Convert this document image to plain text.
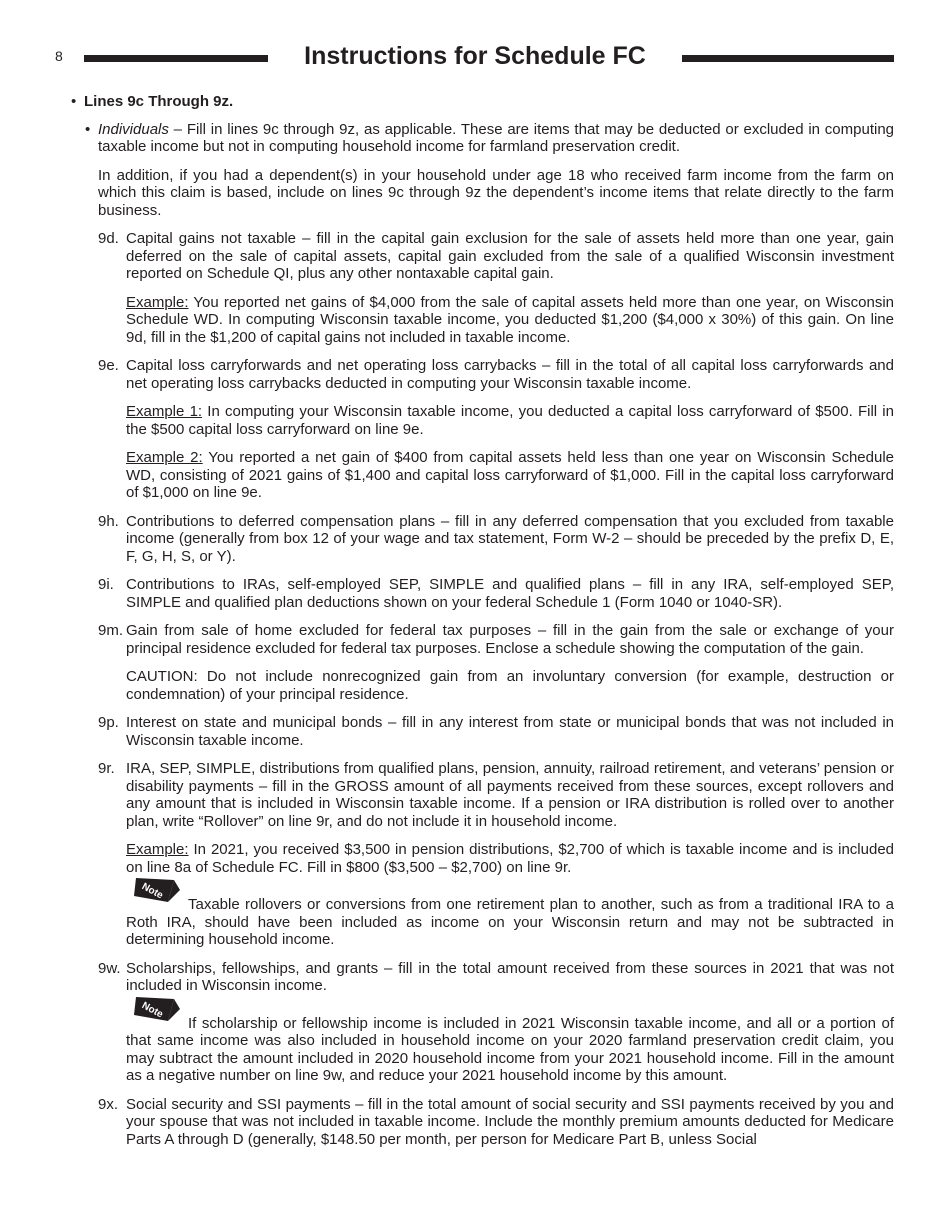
8	Instructions for Schedule FC
• Lines 9c Through 9z.

• Individuals – Fill in lines 9c through 9z, as applicable. These are items that may be deducted or excluded in computing taxable income but not in computing household income for farmland preservation credit.

In addition, if you had a dependent(s) in your household under age 18 who received farm income from the farm on which this claim is based, include on lines 9c through 9z the dependent’s income items that relate directly to the farm business.

9d. Capital gains not taxable – fill in the capital gain exclusion for the sale of assets held more than one year, gain deferred on the sale of capital assets, capital gain excluded from the sale of a qualified Wisconsin investment reported on Schedule QI, plus any other nontaxable capital gain.

Example: You reported net gains of $4,000 from the sale of capital assets held more than one year, on Wisconsin Schedule WD. In computing Wisconsin taxable income, you deducted $1,200 ($4,000 x 30%) of this gain. On line 9d, fill in the $1,200 of capital gains not included in taxable income.

9e. Capital loss carryforwards and net operating loss carrybacks – fill in the total of all capital loss carryforwards and net operating loss carrybacks deducted in computing your Wisconsin taxable income.

Example 1: In computing your Wisconsin taxable income, you deducted a capital loss carryforward of $500. Fill in the $500 capital loss carryforward on line 9e.

Example 2: You reported a net gain of $400 from capital assets held less than one year on Wisconsin Schedule WD, consisting of 2021 gains of $1,400 and capital loss carryforward of $1,000. Fill in the capital loss carryforward of $1,000 on line 9e.

9h. Contributions to deferred compensation plans – fill in any deferred compensation that you excluded from taxable income (generally from box 12 of your wage and tax statement, Form W-2 – should be preceded by the prefix D, E, F, G, H, S, or Y).

9i. Contributions to IRAs, self-employed SEP, SIMPLE and qualified plans – fill in any IRA, self-employed SEP, SIMPLE and qualified plan deductions shown on your federal Schedule 1 (Form 1040 or 1040-SR).

9m. Gain from sale of home excluded for federal tax purposes – fill in the gain from the sale or exchange of your principal residence excluded for federal tax purposes. Enclose a schedule showing the computation of the gain.

CAUTION: Do not include nonrecognized gain from an involuntary conversion (for example, destruction or condemnation) of your principal residence.

9p. Interest on state and municipal bonds – fill in any interest from state or municipal bonds that was not included in Wisconsin taxable income.

9r. IRA, SEP, SIMPLE, distributions from qualified plans, pension, annuity, railroad retirement, and veterans’ pension or disability payments – fill in the GROSS amount of all payments received from these sources, except rollovers and any amount that is included in Wisconsin taxable income. If a pension or IRA distribution is rolled over to another plan, write “Rollover” on line 9r, and do not include it in household income.

Example: In 2021, you received $3,500 in pension distributions, $2,700 of which is taxable income and is included on line 8a of Schedule FC. Fill in $800 ($3,500 – $2,700) on line 9r.

Note
Taxable rollovers or conversions from one retirement plan to another, such as from a traditional IRA to a Roth IRA, should have been included as income on your Wisconsin return and may not be subtracted in determining household income.

9w. Scholarships, fellowships, and grants – fill in the total amount received from these sources in 2021 that was not included in Wisconsin income.

Note
If scholarship or fellowship income is included in 2021 Wisconsin taxable income, and all or a portion of that same income was also included in household income on your 2020 farmland preservation credit claim, you may subtract the amount included in 2020 household income from your 2021 household income. Fill in the amount as a negative number on line 9w, and reduce your 2021 household income by this amount.

9x. Social security and SSI payments – fill in the total amount of social security and SSI payments received by you and your spouse that was not included in taxable income. Include the monthly premium amounts deducted for Medicare Parts A through D (generally, $148.50 per month, per person for Medicare Part B, unless Social
